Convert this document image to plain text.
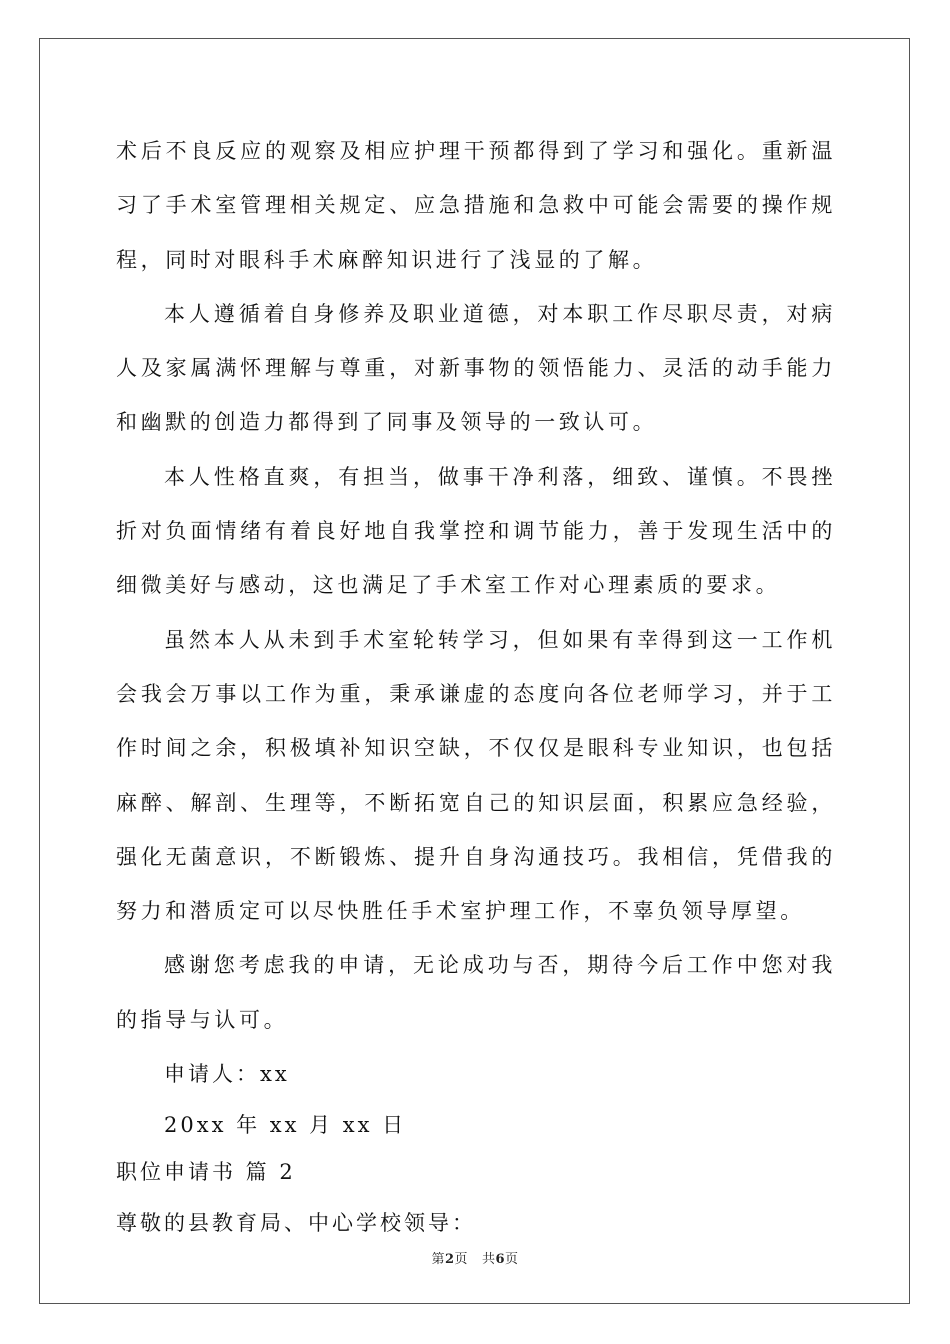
术后不良反应的观察及相应护理干预都得到了学习和强化。重新温习了手术室管理相关规定、应急措施和急救中可能会需要的操作规程，同时对眼科手术麻醉知识进行了浅显的了解。

本人遵循着自身修养及职业道德，对本职工作尽职尽责，对病人及家属满怀理解与尊重，对新事物的领悟能力、灵活的动手能力和幽默的创造力都得到了同事及领导的一致认可。

本人性格直爽，有担当，做事干净利落，细致、谨慎。不畏挫折对负面情绪有着良好地自我掌控和调节能力，善于发现生活中的细微美好与感动，这也满足了手术室工作对心理素质的要求。

虽然本人从未到手术室轮转学习，但如果有幸得到这一工作机会我会万事以工作为重，秉承谦虚的态度向各位老师学习，并于工作时间之余，积极填补知识空缺，不仅仅是眼科专业知识，也包括麻醉、解剖、生理等，不断拓宽自己的知识层面，积累应急经验，强化无菌意识，不断锻炼、提升自身沟通技巧。我相信，凭借我的努力和潜质定可以尽快胜任手术室护理工作，不辜负领导厚望。

感谢您考虑我的申请，无论成功与否，期待今后工作中您对我的指导与认可。

申请人：xx

20xx 年 xx 月 xx 日

职位申请书 篇 2

尊敬的县教育局、中心学校领导：

第2页   共6页
